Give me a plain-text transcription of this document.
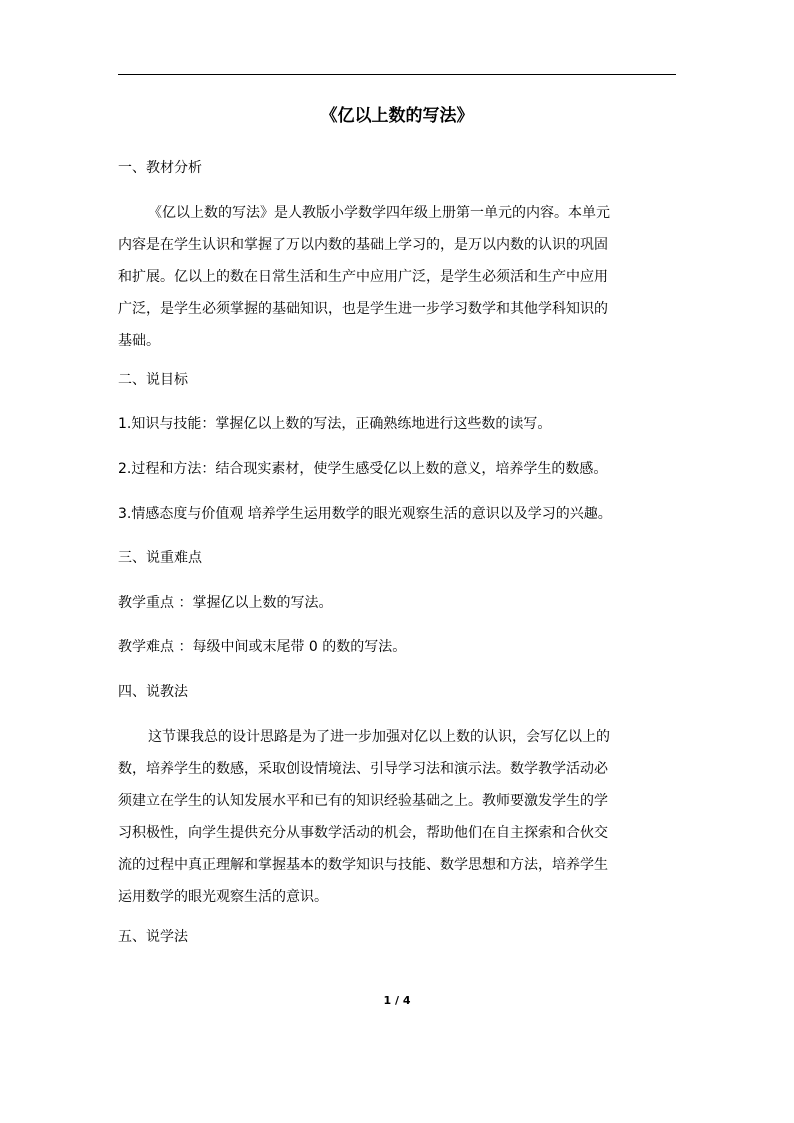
《亿以上数的写法》

一、教材分析

《亿以上数的写法》是人教版小学数学四年级上册第一单元的内容。本单元
内容是在学生认识和掌握了万以内数的基础上学习的，是万以内数的认识的巩固
和扩展。亿以上的数在日常生活和生产中应用广泛，是学生必须活和生产中应用
广泛，是学生必须掌握的基础知识，也是学生进一步学习数学和其他学科知识的
基础。

二、说目标

1.知识与技能：掌握亿以上数的写法，正确熟练地进行这些数的读写。

2.过程和方法：结合现实素材，使学生感受亿以上数的意义，培养学生的数感。

3.情感态度与价值观 培养学生运用数学的眼光观察生活的意识以及学习的兴趣。

三、说重难点

教学重点 ：掌握亿以上数的写法。

教学难点 ：每级中间或末尾带 0 的数的写法。

四、说教法

这节课我总的设计思路是为了进一步加强对亿以上数的认识，会写亿以上的
数，培养学生的数感，采取创设情境法、引导学习法和演示法。数学教学活动必
须建立在学生的认知发展水平和已有的知识经验基础之上。教师要激发学生的学
习积极性，向学生提供充分从事数学活动的机会，帮助他们在自主探索和合伙交
流的过程中真正理解和掌握基本的数学知识与技能、数学思想和方法，培养学生
运用数学的眼光观察生活的意识。

五、说学法

1 / 4
